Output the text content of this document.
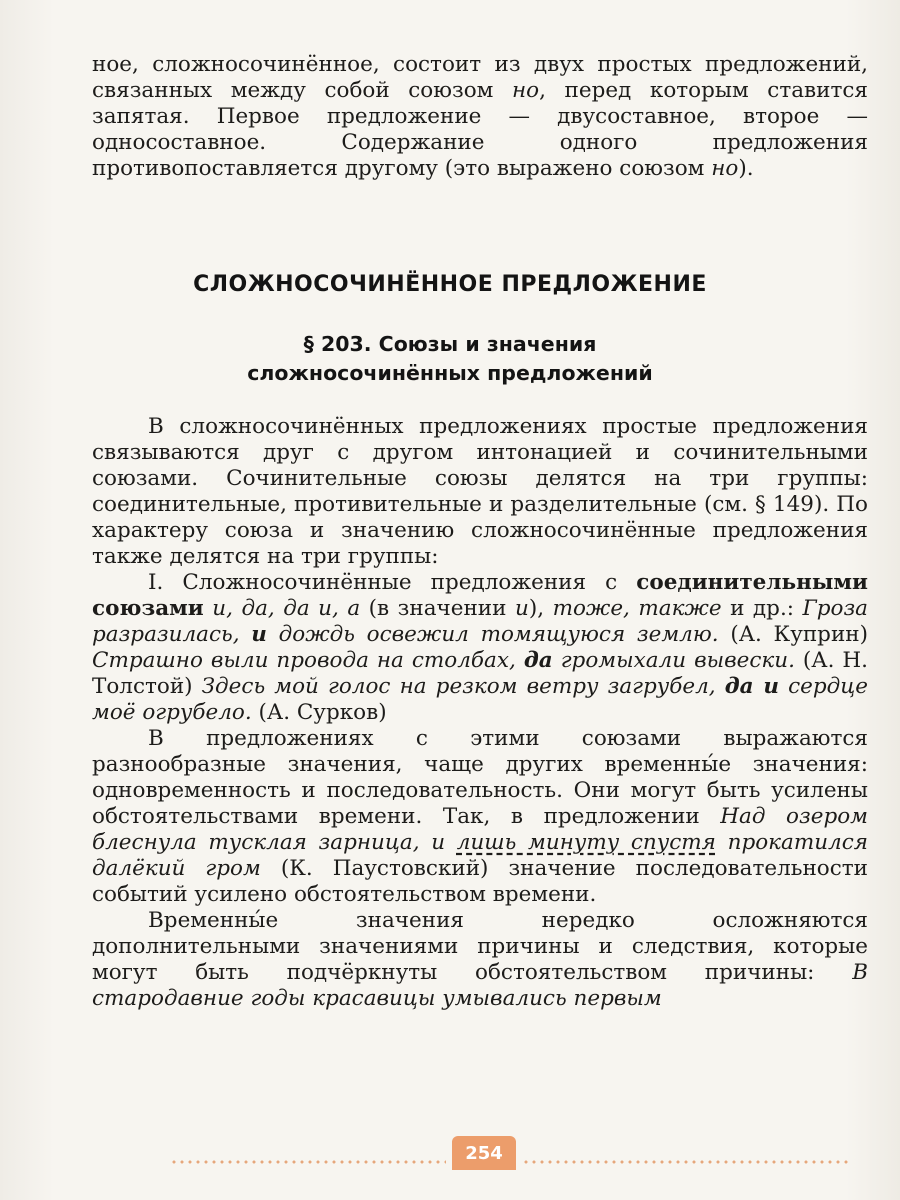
ное, сложносочинённое, состоит из двух простых предложений, связанных между собой союзом но, перед которым ставится запятая. Первое предложение — двусоставное, второе — односоставное. Содержание одного предложения противопоставляется другому (это выражено союзом но).

СЛОЖНОСОЧИНЁННОЕ ПРЕДЛОЖЕНИЕ
§ 203. Союзы и значения
сложносочинённых предложений

В сложносочинённых предложениях простые предложения связываются друг с другом интонацией и сочинительными союзами. Сочинительные союзы делятся на три группы: соединительные, противительные и разделительные (см. § 149). По характеру союза и значению сложносочинённые предложения также делятся на три группы:

I. Сложносочинённые предложения с соединительными союзами и, да, да и, а (в значении и), тоже, также и др.: Гроза разразилась, и дождь освежил томящуюся землю. (А. Куприн) Страшно выли провода на столбах, да громыхали вывески. (А. Н. Толстой) Здесь мой голос на резком ветру загрубел, да и сердце моё огрубело. (А. Сурков)

В предложениях с этими союзами выражаются разнообразные значения, чаще других временны́е значения: одновременность и последовательность. Они могут быть усилены обстоятельствами времени. Так, в предложении Над озером блеснула тусклая зарница, и лишь минуту спустя прокатился далёкий гром (К. Паустовский) значение последовательности событий усилено обстоятельством времени.

Временны́е значения нередко осложняются дополнительными значениями причины и следствия, которые могут быть подчёркнуты обстоятельством причины: В стародавние годы красавицы умывались первым

254
